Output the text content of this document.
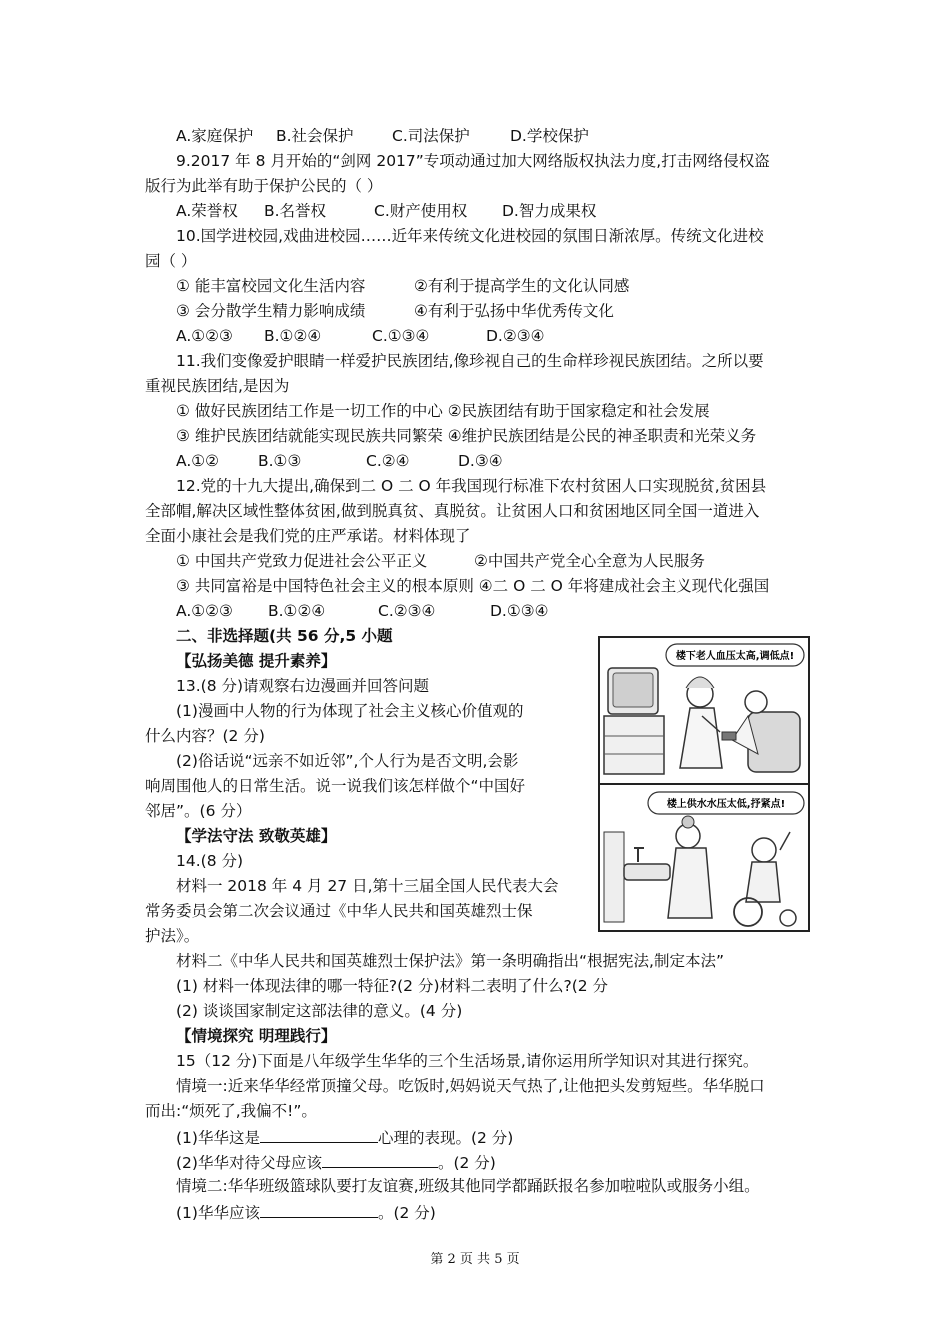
A.家庭保护 B.社会保护 C.司法保护	D.学校保护
9.2017 年 8 月开始的“剑网 2017”专项动通过加大网络版权执法力度,打击网络侵权盗
版行为此举有助于保护公民的（ ）
A.荣誉权 B.名誉权	C.财产使用权 D.智力成果权
10.国学进校园,戏曲进校园……近年来传统文化进校园的氛围日渐浓厚。传统文化进校
园（ ）
① 能丰富校园文化生活内容	②有利于提高学生的文化认同感
③ 会分散学生精力影响成绩	④有利于弘扬中华优秀传文化
A.①②③ B.①②④	C.①③④	D.②③④
11.我们变像爱护眼睛一样爱护民族团结,像珍视自己的生命样珍视民族团结。之所以要
重视民族团结,是因为
① 做好民族团结工作是一切工作的中心 ②民族团结有助于国家稳定和社会发展
③ 维护民族团结就能实现民族共同繁荣 ④维护民族团结是公民的神圣职责和光荣义务
A.①②	B.①③	C.②④	D.③④
12.党的十九大提出,确保到二 O 二 O 年我国现行标准下农村贫困人口实现脱贫,贫困县
全部帽,解决区域性整体贫困,做到脱真贫、真脱贫。让贫困人口和贫困地区同全国一道进入
全面小康社会是我们党的庄严承诺。材料体现了
① 中国共产党致力促进社会公平正义	②中国共产党全心全意为人民服务
③ 共同富裕是中国特色社会主义的根本原则 ④二 O 二 O 年将建成社会主义现代化强国
A.①②③ B.①②④	C.②③④	D.①③④
二、非选择题(共 56 分,5 小题
【弘扬美德 提升素养】
13.(8 分)请观察右边漫画并回答问题
(1)漫画中人物的行为体现了社会主义核心价值观的
什么内容？(2 分)
(2)俗话说“远亲不如近邻”,个人行为是否文明,会影
响周围他人的日常生活。说一说我们该怎样做个“中国好
邻居”。(6 分）
【学法守法 致敬英雄】
14.(8 分)
材料一 2018 年 4 月 27 日,第十三届全国人民代表大会
常务委员会第二次会议通过《中华人民共和国英雄烈士保
护法》。
材料二《中华人民共和国英雄烈士保护法》第一条明确指出“根据宪法,制定本法”
(1) 材料一体现法律的哪一特征?(2 分)材料二表明了什么?(2 分
(2) 谈谈国家制定这部法律的意义。(4 分)
【情境探究 明理践行】
15（12 分)下面是八年级学生华华的三个生活场景,请你运用所学知识对其进行探究。
情境一:近来华华经常顶撞父母。吃饭时,妈妈说天气热了,让他把头发剪短些。华华脱口
而出:“烦死了,我偏不!”。
(1)华华这是	心理的表现。(2 分)
(2)华华对待父母应该	。(2 分)
情境二:华华班级篮球队要打友谊赛,班级其他同学都踊跃报名参加啦啦队或服务小组。
(1)华华应该	。(2 分)
楼下老人血压太高,调低点!
楼上供水水压太低,抒紧点!
第 2 页 共 5 页
